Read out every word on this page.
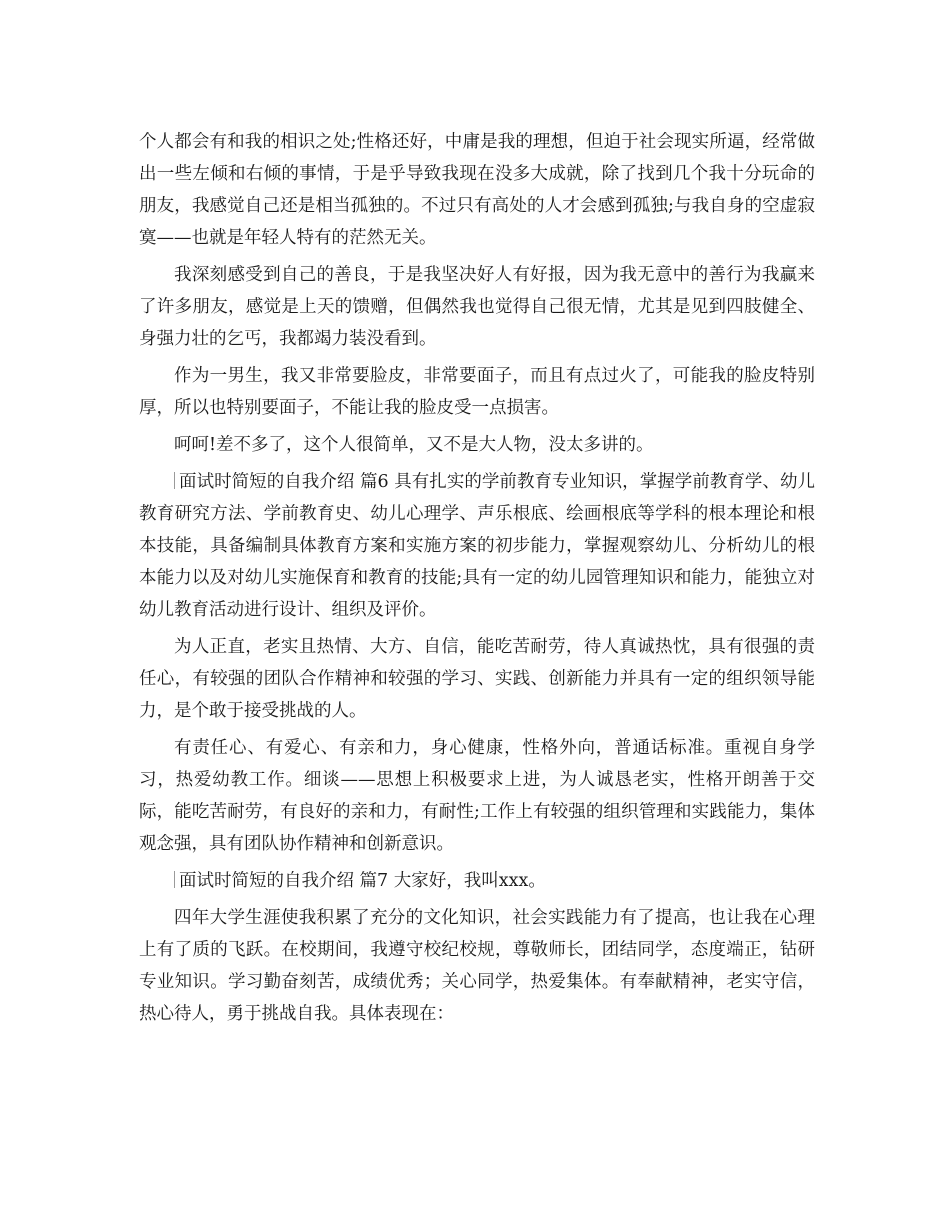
个人都会有和我的相识之处;性格还好，中庸是我的理想，但迫于社会现实所逼，经常做出一些左倾和右倾的事情，于是乎导致我现在没多大成就，除了找到几个我十分玩命的朋友，我感觉自己还是相当孤独的。不过只有高处的人才会感到孤独;与我自身的空虚寂寞——也就是年轻人特有的茫然无关。

我深刻感受到自己的善良，于是我坚决好人有好报，因为我无意中的善行为我赢来了许多朋友，感觉是上天的馈赠，但偶然我也觉得自己很无情，尤其是见到四肢健全、身强力壮的乞丐，我都竭力装没看到。

作为一男生，我又非常要脸皮，非常要面子，而且有点过火了，可能我的脸皮特别厚，所以也特别要面子，不能让我的脸皮受一点损害。

呵呵!差不多了，这个人很简单，又不是大人物，没太多讲的。

面试时简短的自我介绍 篇6 具有扎实的学前教育专业知识，掌握学前教育学、幼儿教育研究方法、学前教育史、幼儿心理学、声乐根底、绘画根底等学科的根本理论和根本技能，具备编制具体教育方案和实施方案的初步能力，掌握观察幼儿、分析幼儿的根本能力以及对幼儿实施保育和教育的技能;具有一定的幼儿园管理知识和能力，能独立对幼儿教育活动进行设计、组织及评价。

为人正直，老实且热情、大方、自信，能吃苦耐劳，待人真诚热忱，具有很强的责任心，有较强的团队合作精神和较强的学习、实践、创新能力并具有一定的组织领导能力，是个敢于接受挑战的人。

有责任心、有爱心、有亲和力，身心健康，性格外向，普通话标准。重视自身学习，热爱幼教工作。细谈——思想上积极要求上进，为人诚恳老实，性格开朗善于交际，能吃苦耐劳，有良好的亲和力，有耐性;工作上有较强的组织管理和实践能力，集体观念强，具有团队协作精神和创新意识。

面试时简短的自我介绍 篇7 大家好，我叫xxx。

四年大学生涯使我积累了充分的文化知识，社会实践能力有了提高，也让我在心理上有了质的飞跃。在校期间，我遵守校纪校规，尊敬师长，团结同学，态度端正，钻研专业知识。学习勤奋刻苦，成绩优秀；关心同学，热爱集体。有奉献精神，老实守信，热心待人，勇于挑战自我。具体表现在：
